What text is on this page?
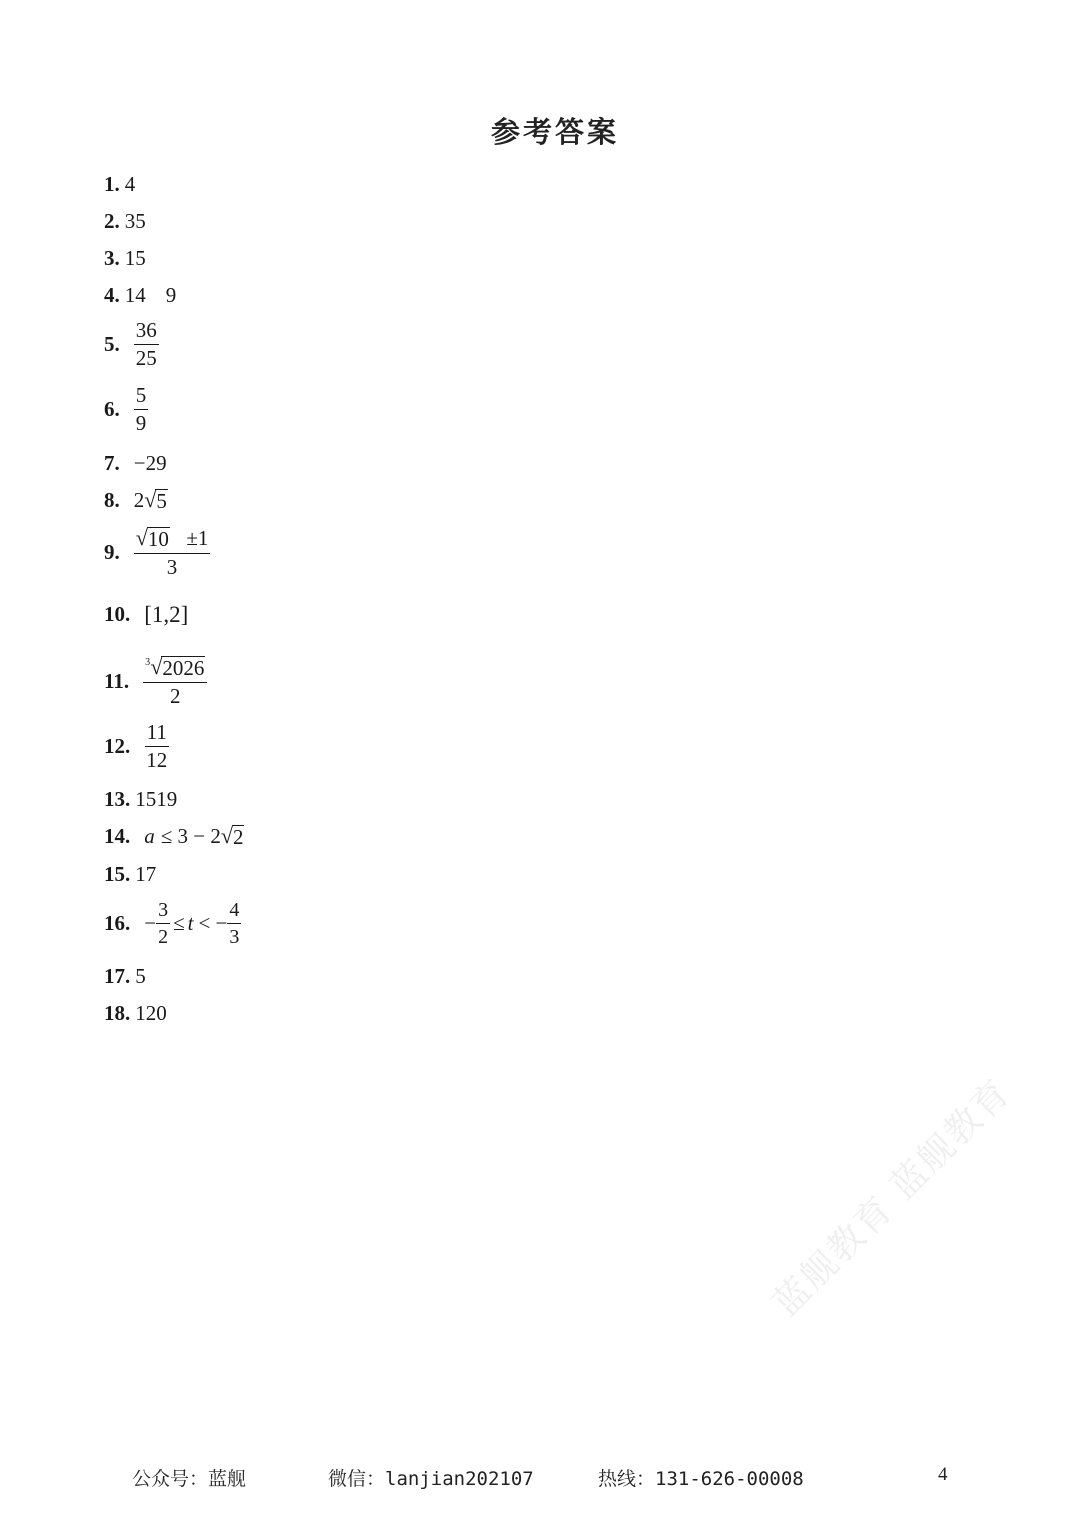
参考答案
1. 4
2. 35
3. 15
4. 14 9
5. $\frac{36}{25}$
6. $\frac{5}{9}$
7. −29
8. 2 √ 5
9. $\frac{√ 10 \pm 1}{3}$
10. [1,2]
11. $\frac{^3 √ 2026}{2}$
12. $\frac{11}{12}$
13. 1519
14. a ≤ 3 − 2 √ 2
15. 17
16. − $\frac{3}{2} \le t$ < − $\frac{4}{3}$
17. 5
18. 120
蓝舰教育 蓝舰教育
公众号：蓝舰	微信：lanjian202107	热线：131-626-00008	4
